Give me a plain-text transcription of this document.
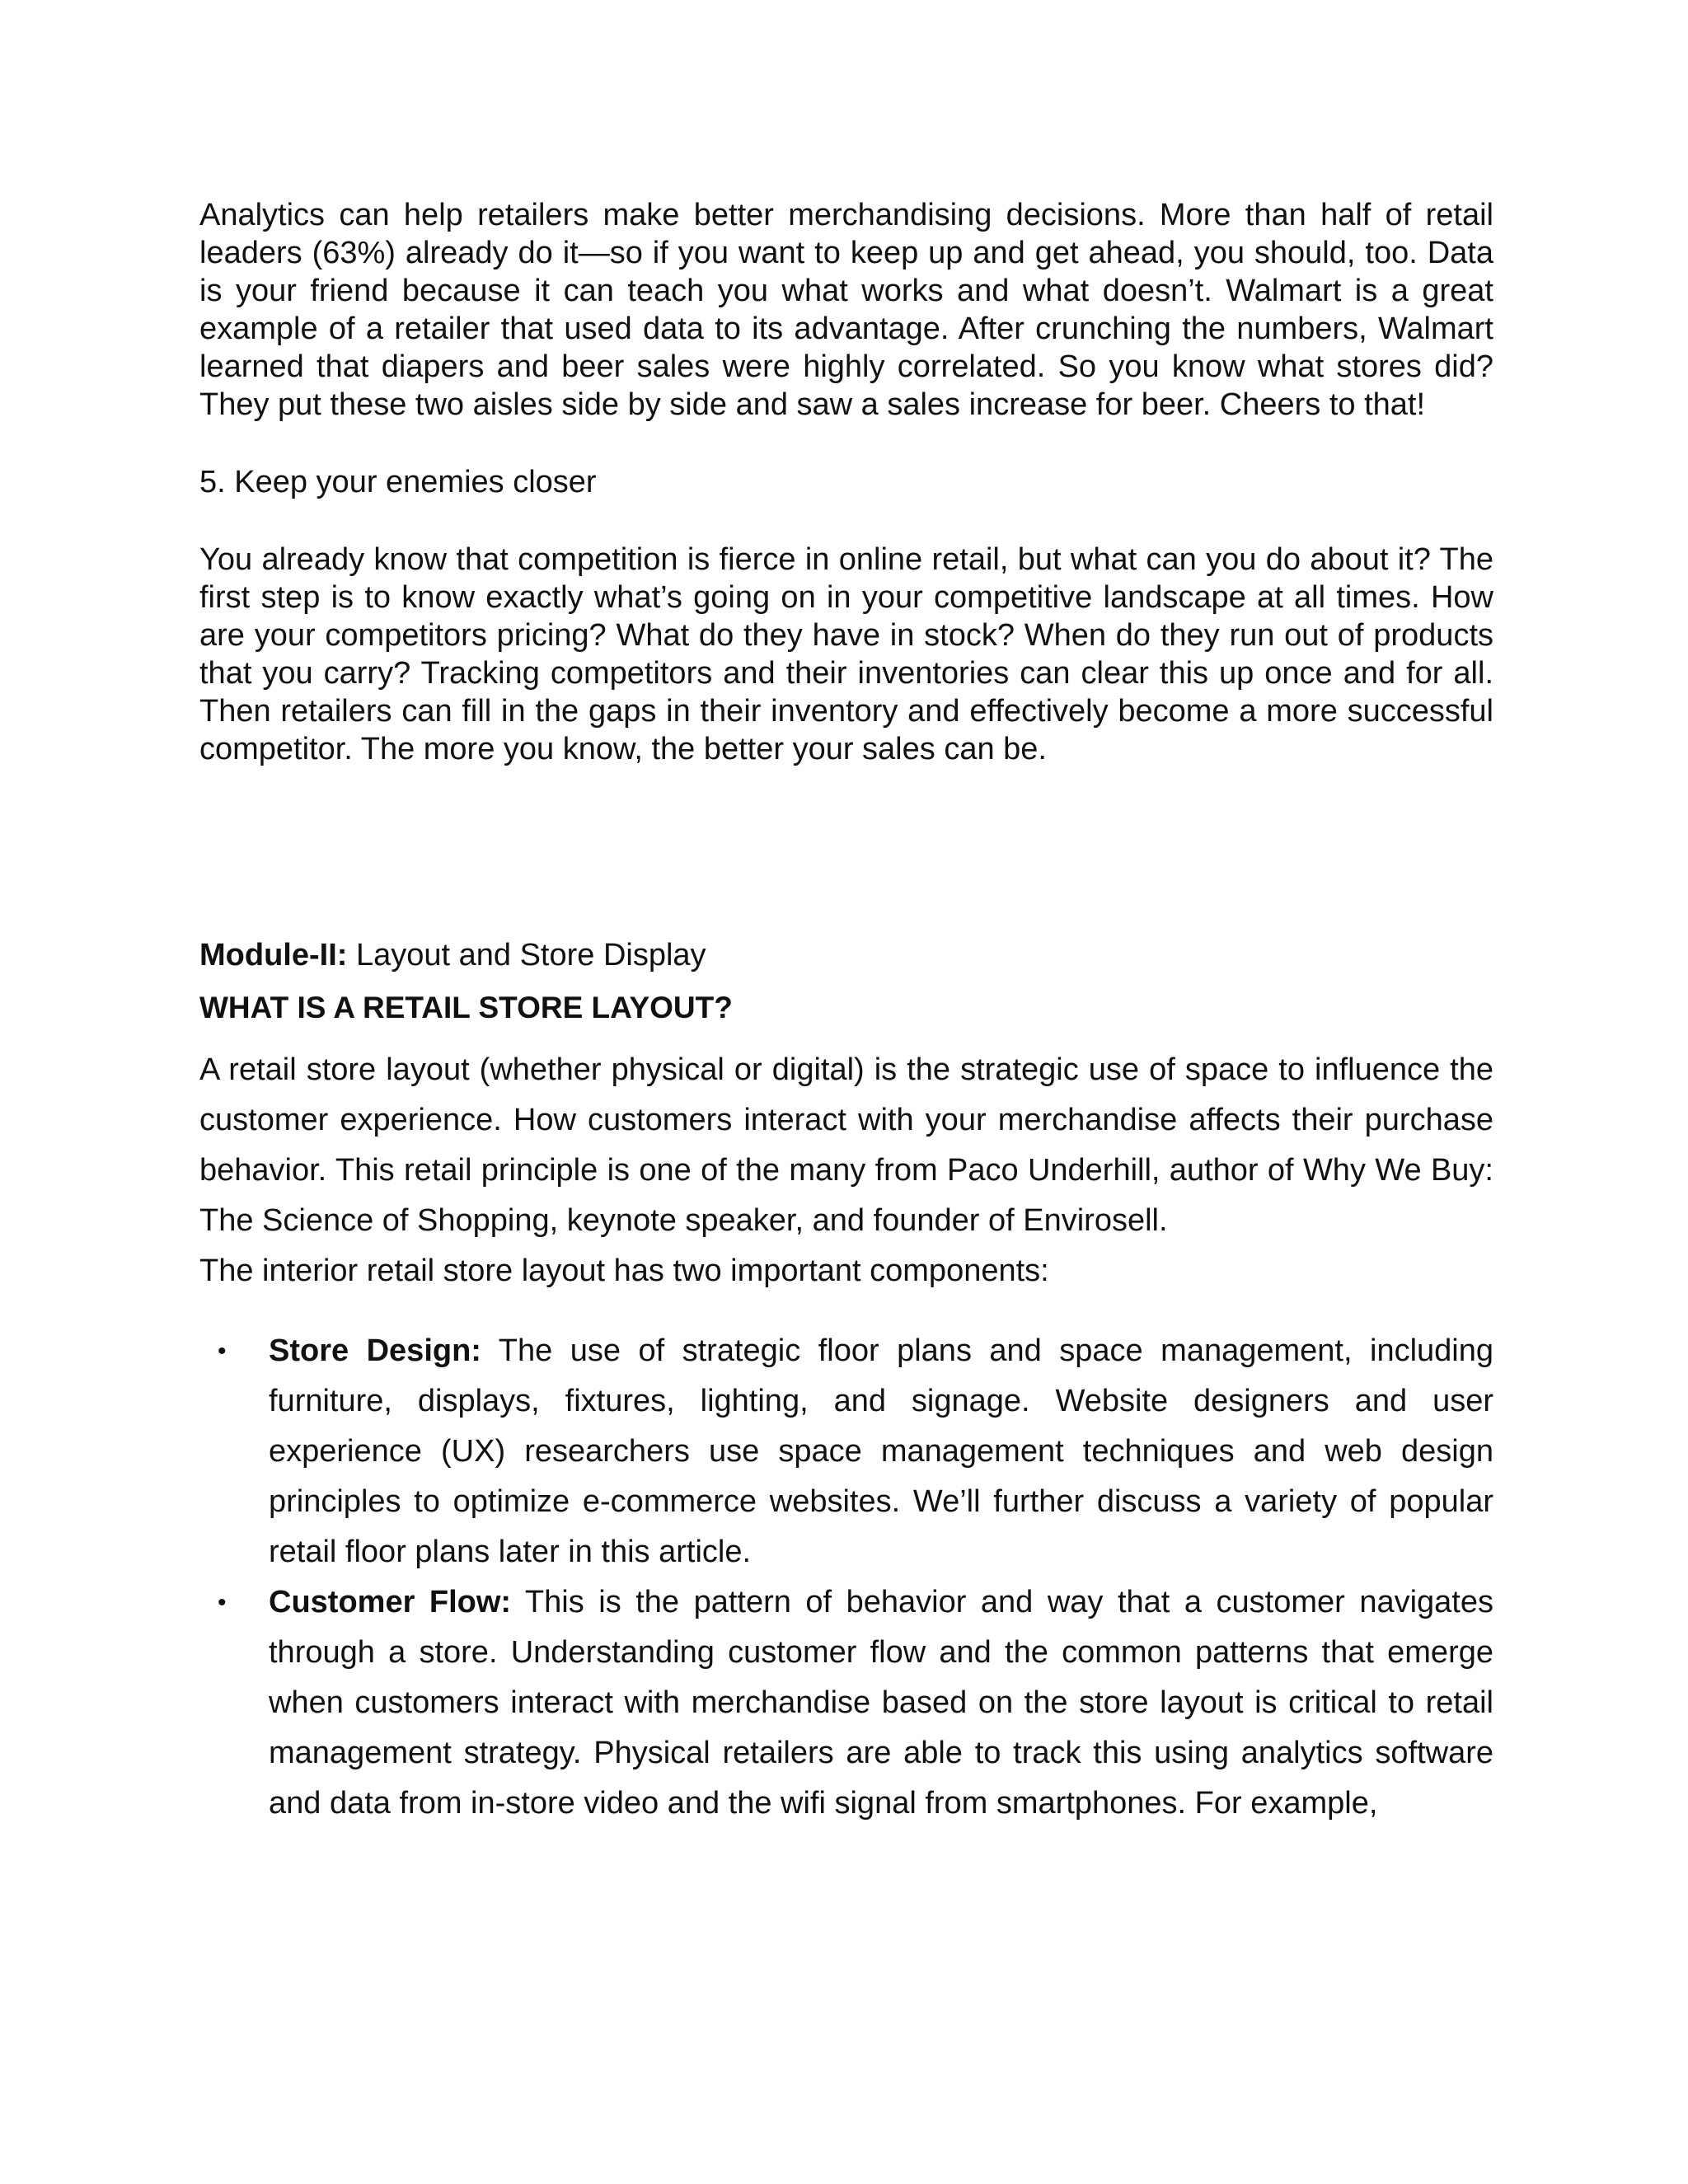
Analytics can help retailers make better merchandising decisions. More than half of retail leaders (63%) already do it—so if you want to keep up and get ahead, you should, too. Data is your friend because it can teach you what works and what doesn’t. Walmart is a great example of a retailer that used data to its advantage. After crunching the numbers, Walmart learned that diapers and beer sales were highly correlated. So you know what stores did? They put these two aisles side by side and saw a sales increase for beer. Cheers to that!

5. Keep your enemies closer

You already know that competition is fierce in online retail, but what can you do about it? The first step is to know exactly what’s going on in your competitive landscape at all times. How are your competitors pricing? What do they have in stock? When do they run out of products that you carry? Tracking competitors and their inventories can clear this up once and for all. Then retailers can fill in the gaps in their inventory and effectively become a more successful competitor. The more you know, the better your sales can be.

Module-II: Layout and Store Display

WHAT IS A RETAIL STORE LAYOUT?

A retail store layout (whether physical or digital) is the strategic use of space to influence the customer experience. How customers interact with your merchandise affects their purchase behavior. This retail principle is one of the many from Paco Underhill, author of Why We Buy: The Science of Shopping, keynote speaker, and founder of Envirosell.

The interior retail store layout has two important components:

• Store Design: The use of strategic floor plans and space management, including furniture, displays, fixtures, lighting, and signage. Website designers and user experience (UX) researchers use space management techniques and web design principles to optimize e-commerce websites. We’ll further discuss a variety of popular retail floor plans later in this article.
• Customer Flow: This is the pattern of behavior and way that a customer navigates through a store. Understanding customer flow and the common patterns that emerge when customers interact with merchandise based on the store layout is critical to retail management strategy. Physical retailers are able to track this using analytics software and data from in-store video and the wifi signal from smartphones. For example,
